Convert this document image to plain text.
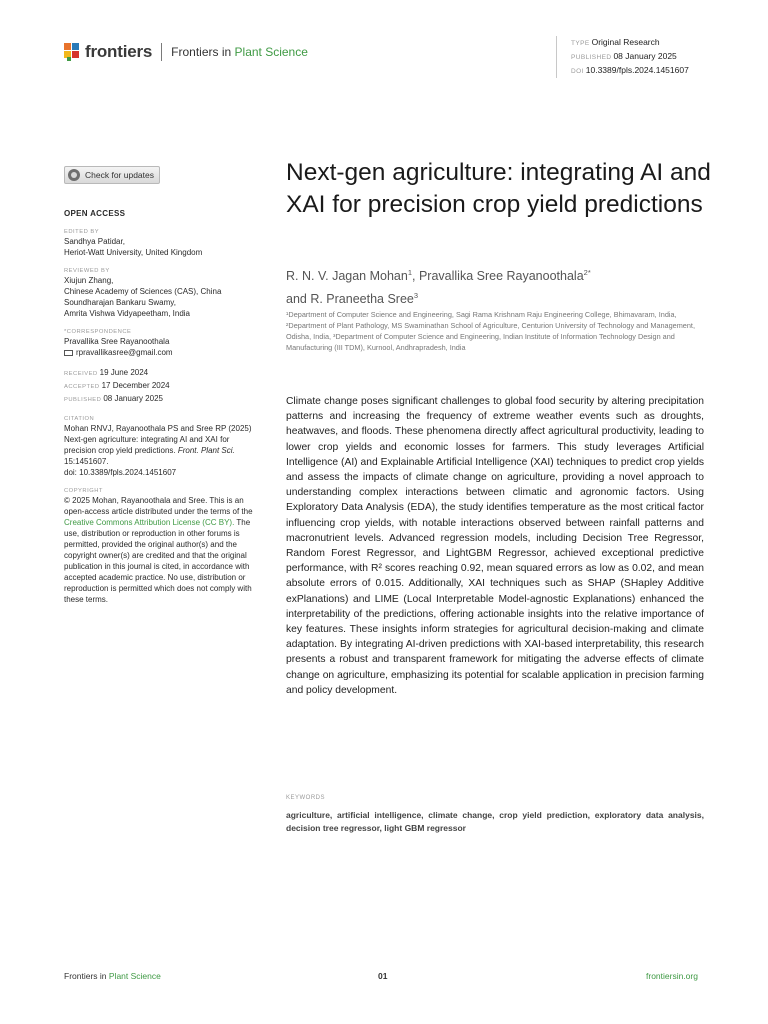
frontiers Frontiers in Plant Science
TYPE Original Research
PUBLISHED 08 January 2025
DOI 10.3389/fpls.2024.1451607
Check for updates
OPEN ACCESS
EDITED BY
Sandhya Patidar,
Heriot-Watt University, United Kingdom
REVIEWED BY
Xiujun Zhang,
Chinese Academy of Sciences (CAS), China
Soundharajan Bankaru Swamy,
Amrita Vishwa Vidyapeetham, India
*CORRESPONDENCE
Pravallika Sree Rayanoothala
rpravallikasree@gmail.com
RECEIVED 19 June 2024
ACCEPTED 17 December 2024
PUBLISHED 08 January 2025
CITATION
Mohan RNVJ, Rayanoothala PS and Sree RP (2025) Next-gen agriculture: integrating AI and XAI for precision crop yield predictions. Front. Plant Sci. 15:1451607.
doi: 10.3389/fpls.2024.1451607
COPYRIGHT
© 2025 Mohan, Rayanoothala and Sree. This is an open-access article distributed under the terms of the Creative Commons Attribution License (CC BY). The use, distribution or reproduction in other forums is permitted, provided the original author(s) and the copyright owner(s) are credited and that the original publication in this journal is cited, in accordance with accepted academic practice. No use, distribution or reproduction is permitted which does not comply with these terms.
Next-gen agriculture: integrating AI and XAI for precision crop yield predictions
R. N. V. Jagan Mohan$^1$, Pravallika Sree Rayanoothala$^{2*}$
and R. Praneetha Sree$^3$
¹Department of Computer Science and Engineering, Sagi Rama Krishnam Raju Engineering College, Bhimavaram, India, ²Department of Plant Pathology, MS Swaminathan School of Agriculture, Centurion University of Technology and Management, Odisha, India, ³Department of Computer Science and Engineering, Indian Institute of Information Technology Design and Manufacturing (III TDM), Kurnool, Andhrapradesh, India

Climate change poses significant challenges to global food security by altering precipitation patterns and increasing the frequency of extreme weather events such as droughts, heatwaves, and floods. These phenomena directly affect agricultural productivity, leading to lower crop yields and economic losses for farmers. This study leverages Artificial Intelligence (AI) and Explainable Artificial Intelligence (XAI) techniques to predict crop yields and assess the impacts of climate change on agriculture, providing a novel approach to understanding complex interactions between climatic and agronomic factors. Using Exploratory Data Analysis (EDA), the study identifies temperature as the most critical factor influencing crop yields, with notable interactions observed between rainfall patterns and macronutrient levels. Advanced regression models, including Decision Tree Regressor, Random Forest Regressor, and LightGBM Regressor, achieved exceptional predictive performance, with R² scores reaching 0.92, mean squared errors as low as 0.02, and mean absolute errors of 0.015. Additionally, XAI techniques such as SHAP (SHapley Additive exPlanations) and LIME (Local Interpretable Model-agnostic Explanations) enhanced the interpretability of the predictions, offering actionable insights into the relative importance of key features. These insights inform strategies for agricultural decision-making and climate adaptation. By integrating AI-driven predictions with XAI-based interpretability, this research presents a robust and transparent framework for mitigating the adverse effects of climate change on agriculture, emphasizing its potential for scalable application in precision farming and policy development.

KEYWORDS
agriculture, artificial intelligence, climate change, crop yield prediction, exploratory data analysis, decision tree regressor, light GBM regressor
Frontiers in Plant Science	01	frontiersin.org
